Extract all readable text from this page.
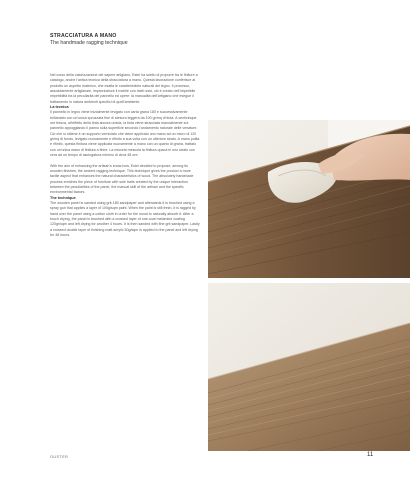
STRACCIATURA A MANO
The handmade ragging technique

Nel corso della valorizzazione del sapere artigiano, Estel ha scelto di proporre tra le finiture a catalogo, anche l'antica tecnica della stracciatura a mano. Questa lavorazione conferisce al prodotto un aspetto materico, che esalta le caratteristiche naturali del legno. Il processo, assolutamente artigianale, impreziosisce il mobile con tratti unici, ciò è creato nell'irripetibile irripetibilità tra la peculiarità del pannello ed opere: la manualità dell'artigiano che esegue il trattamento in natura ambienti specifici di quell'ambiente.

La tecnica

Il pannello in legno viene inizialmente levigato con carta grana 180 e successivamente brillantato con un'unica spruzzata fine di stesura leggera da 100 gr/mq di tinta. A venticinque ore fresca, all'effetto della tinta ancora umida, la tinta viene stracciata manualmente sul pannello appoggiando il panno sulla superficie secondo l'andamento naturale delle venature. Ciò che si ottiene è un supporto verniciato che viene applicato uno mano ad un micro di 120 gr/mq di fondo, levigato nuovamente e rifinito a sua volta con un ulteriore strato. A mano pulita e rifinito, questa finitura viene applicata nuovamente a mano con un quarto di grana, trattato con un'unica mano di finitura a finire. La miscela mescola la finitura opaca in uno strato con cera ad un tempo di asciugatura minimo di circa 48 ore.

With the aim of enhancing the artisan's know-how, Estel decided to propose, among its wooden finishes, the ancient ragging technique. This technique gives the product a more tactile aspect that enhances the natural characteristics of wood. The absolutely handmade process enriches the piece of furniture with sole traits created by the unique interaction between the peculiarities of the panel, the manual skill of the artisan and the specific environmental factors.

The technique

The wooden panel is sanded using grit-180 sandpaper and afterwards it is brushed using a spray gun that applies a layer of 100g/sqm paint. When the paint is still fresh, it is ragged by hand over the panel using a cotton cloth in order for the wood to naturally absorb it. After a touch drying, the panel is brushed with a crossed layer of one-coat melamine coating 120gr/sqm and left drying for another 4 hours. It is then sanded with fine grit sandpaper. Lastly a crossed double layer of finishing matt acrylic 50g/sqm is applied to the panel and left drying for 48 hours.

OUSTER	11
